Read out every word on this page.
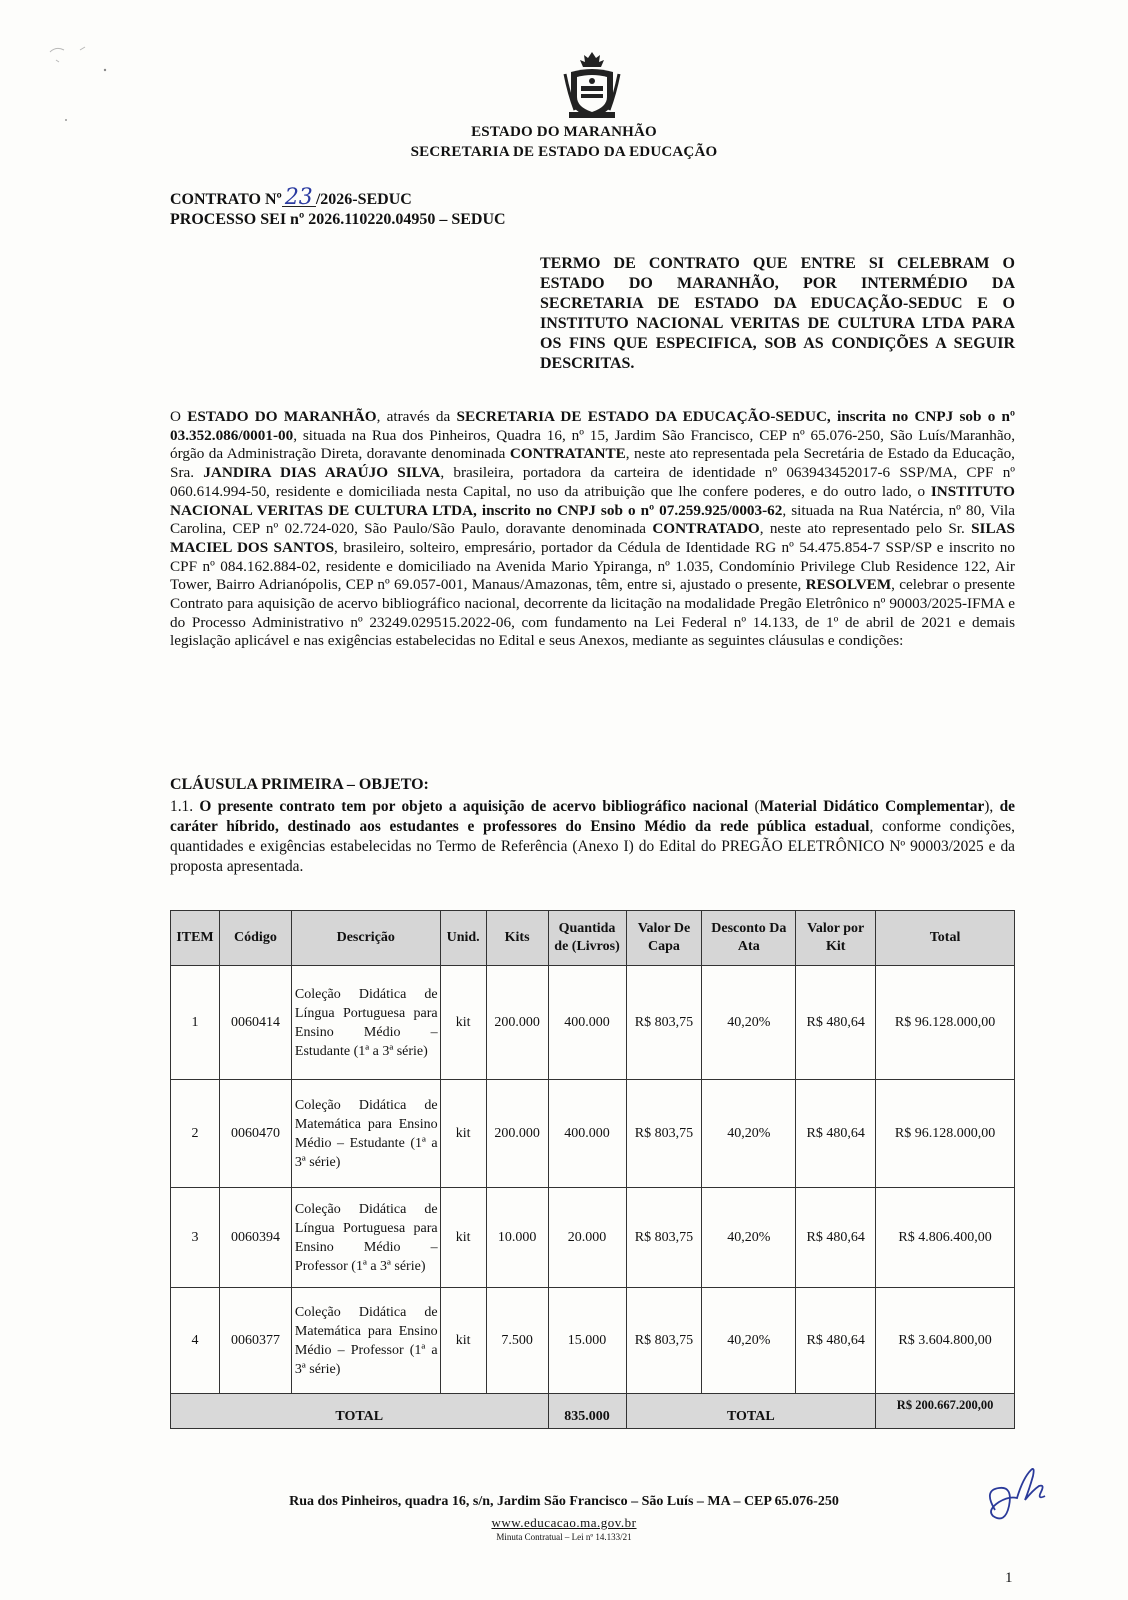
ESTADO DO MARANHÃO
SECRETARIA DE ESTADO DA EDUCAÇÃO
CONTRATO Nº 23 /2026-SEDUC
PROCESSO SEI nº 2026.110220.04950 – SEDUC
TERMO DE CONTRATO QUE ENTRE SI CELEBRAM O ESTADO DO MARANHÃO, POR INTERMÉDIO DA SECRETARIA DE ESTADO DA EDUCAÇÃO-SEDUC E O INSTITUTO NACIONAL VERITAS DE CULTURA LTDA PARA OS FINS QUE ESPECIFICA, SOB AS CONDIÇÕES A SEGUIR DESCRITAS.
O ESTADO DO MARANHÃO, através da SECRETARIA DE ESTADO DA EDUCAÇÃO-SEDUC, inscrita no CNPJ sob o nº 03.352.086/0001-00, situada na Rua dos Pinheiros, Quadra 16, nº 15, Jardim São Francisco, CEP nº 65.076-250, São Luís/Maranhão, órgão da Administração Direta, doravante denominada CONTRATANTE, neste ato representada pela Secretária de Estado da Educação, Sra. JANDIRA DIAS ARAÚJO SILVA, brasileira, portadora da carteira de identidade nº 063943452017-6 SSP/MA, CPF nº 060.614.994-50, residente e domiciliada nesta Capital, no uso da atribuição que lhe confere poderes, e do outro lado, o INSTITUTO NACIONAL VERITAS DE CULTURA LTDA, inscrito no CNPJ sob o nº 07.259.925/0003-62, situada na Rua Natércia, nº 80, Vila Carolina, CEP nº 02.724-020, São Paulo/São Paulo, doravante denominada CONTRATADO, neste ato representado pelo Sr. SILAS MACIEL DOS SANTOS, brasileiro, solteiro, empresário, portador da Cédula de Identidade RG nº 54.475.854-7 SSP/SP e inscrito no CPF nº 084.162.884-02, residente e domiciliado na Avenida Mario Ypiranga, nº 1.035, Condomínio Privilege Club Residence 122, Air Tower, Bairro Adrianópolis, CEP nº 69.057-001, Manaus/Amazonas, têm, entre si, ajustado o presente, RESOLVEM, celebrar o presente Contrato para aquisição de acervo bibliográfico nacional, decorrente da licitação na modalidade Pregão Eletrônico nº 90003/2025-IFMA e do Processo Administrativo nº 23249.029515.2022-06, com fundamento na Lei Federal nº 14.133, de 1º de abril de 2021 e demais legislação aplicável e nas exigências estabelecidas no Edital e seus Anexos, mediante as seguintes cláusulas e condições:
CLÁUSULA PRIMEIRA – OBJETO:
1.1. O presente contrato tem por objeto a aquisição de acervo bibliográfico nacional (Material Didático Complementar), de caráter híbrido, destinado aos estudantes e professores do Ensino Médio da rede pública estadual, conforme condições, quantidades e exigências estabelecidas no Termo de Referência (Anexo I) do Edital do PREGÃO ELETRÔNICO Nº 90003/2025 e da proposta apresentada.
ITEM	Código	Descrição	Unid.	Kits	Quantida de (Livros)	Valor De Capa	Desconto Da Ata	Valor por Kit	Total
1	0060414	Coleção Didática de Língua Portuguesa para Ensino Médio – Estudante (1ª a 3ª série)	kit	200.000	400.000	R$ 803,75	40,20%	R$ 480,64	R$ 96.128.000,00
2	0060470	Coleção Didática de Matemática para Ensino Médio – Estudante (1ª a 3ª série)	kit	200.000	400.000	R$ 803,75	40,20%	R$ 480,64	R$ 96.128.000,00
3	0060394	Coleção Didática de Língua Portuguesa para Ensino Médio – Professor (1ª a 3ª série)	kit	10.000	20.000	R$ 803,75	40,20%	R$ 480,64	R$ 4.806.400,00
4	0060377	Coleção Didática de Matemática para Ensino Médio – Professor (1ª a 3ª série)	kit	7.500	15.000	R$ 803,75	40,20%	R$ 480,64	R$ 3.604.800,00
TOTAL					835.000	TOTAL			R$ 200.667.200,00
Rua dos Pinheiros, quadra 16, s/n, Jardim São Francisco – São Luís – MA – CEP 65.076-250
www.educacao.ma.gov.br
Minuta Contratual – Lei nº 14.133/21
1
